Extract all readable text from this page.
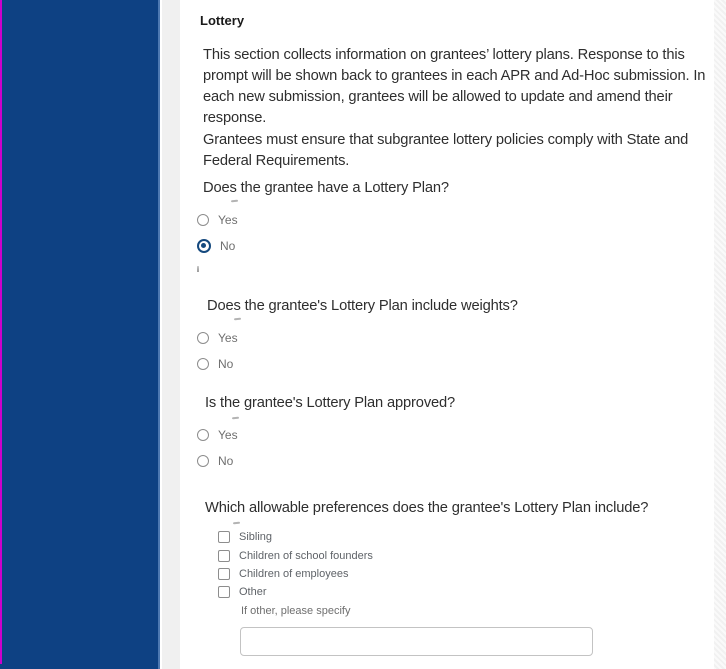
Lottery
This section collects information on grantees’ lottery plans. Response to this prompt will be shown back to grantees in each APR and Ad-Hoc submission. In each new submission, grantees will be allowed to update and amend their response.
Grantees must ensure that subgrantee lottery policies comply with State and Federal Requirements.
Does the grantee have a Lottery Plan?
Yes
No
Does the grantee's Lottery Plan include weights?
Yes
No
Is the grantee's Lottery Plan approved?
Yes
No
Which allowable preferences does the grantee's Lottery Plan include?
Sibling
Children of school founders
Children of employees
Other
If other, please specify
